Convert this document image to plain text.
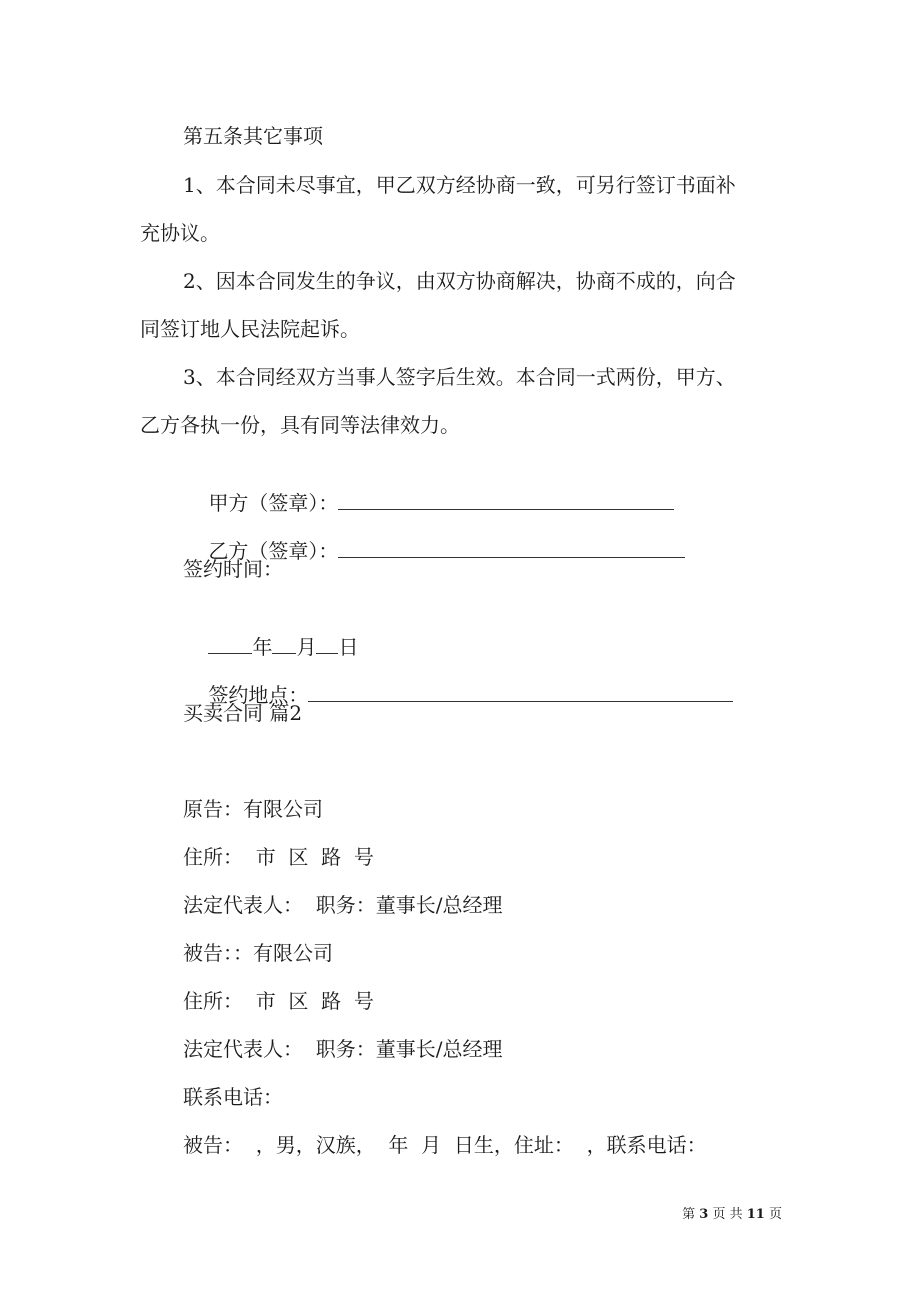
第五条其它事项
1、本合同未尽事宜，甲乙双方经协商一致，可另行签订书面补
充协议。
2、因本合同发生的争议，由双方协商解决，协商不成的，向合
同签订地人民法院起诉。
3、本合同经双方当事人签字后生效。本合同一式两份，甲方、
乙方各执一份，具有同等法律效力。

甲方（签章）：

乙方（签章）：

签约时间：

年 月 日

签约地点：

买卖合同 篇2
原告：有限公司
住所：  市  区  路  号
法定代表人：  职务：董事长/总经理
被告：：有限公司
住所：  市  区  路  号
法定代表人：  职务：董事长/总经理
联系电话：
被告：  ，男，汉族，  年  月  日生，住址：  ，联系电话：
第 3 页 共 11 页
